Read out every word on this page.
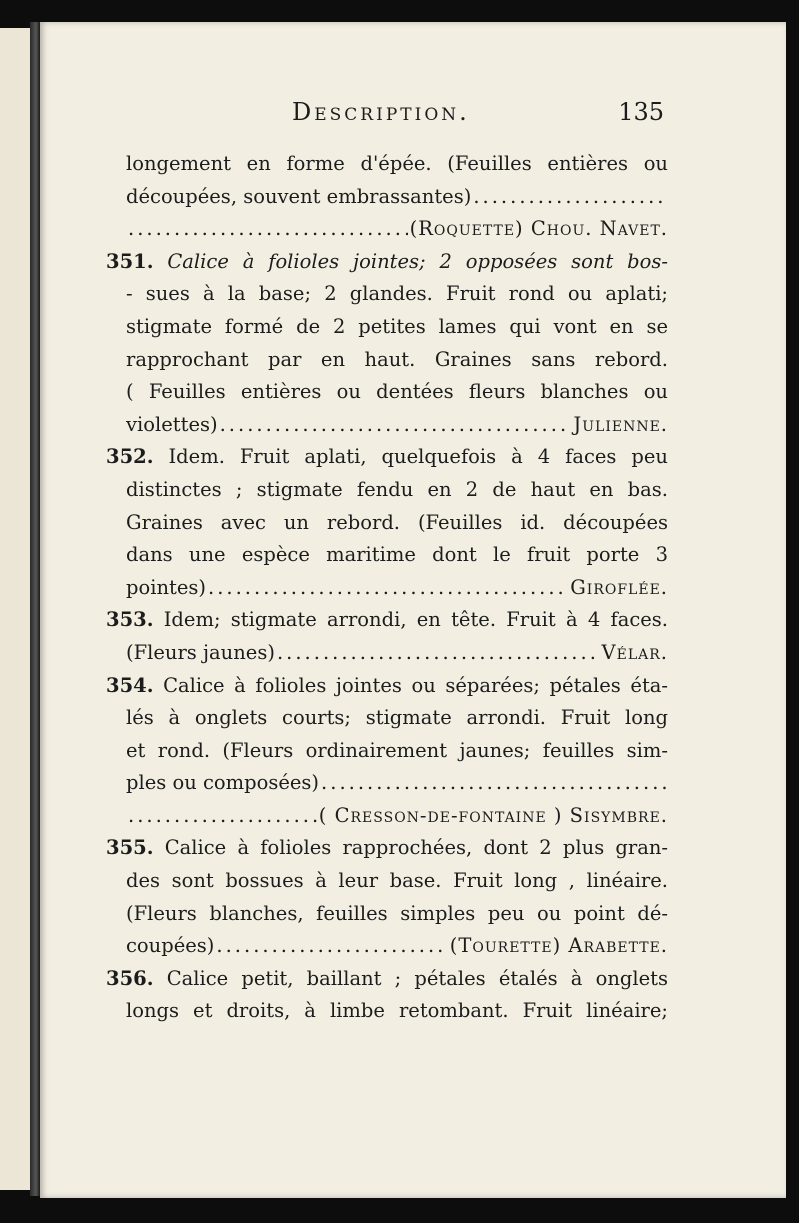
Description.	135
longement en forme d'épée. (Feuilles entières ou
découpées, souvent embrassantes)
.....
.....
(Roquette) Chou. Navet.
351. Calice à folioles jointes; 2 opposées sont bos-
- sues à la base; 2 glandes. Fruit rond ou aplati;
stigmate formé de 2 petites lames qui vont en se
rapprochant par en haut. Graines sans rebord.
( Feuilles entières ou dentées fleurs blanches ou
violettes) .....	Julienne.
352. Idem. Fruit aplati, quelquefois à 4 faces peu
distinctes ; stigmate fendu en 2 de haut en bas.
Graines avec un rebord. (Feuilles id. découpées
dans une espèce maritime dont le fruit porte 3
pointes) .....	Giroflée.
353. Idem; stigmate arrondi, en tête. Fruit à 4 faces.
(Fleurs jaunes) .....	Vélar.
354. Calice à folioles jointes ou séparées; pétales éta-
lés à onglets courts; stigmate arrondi. Fruit long
et rond. (Fleurs ordinairement jaunes; feuilles sim-
ples ou composées)
.....
.....
( Cresson-de-fontaine ) Sisymbre.
355. Calice à folioles rapprochées, dont 2 plus gran-
des sont bossues à leur base. Fruit long , linéaire.
(Fleurs blanches, feuilles simples peu ou point dé-
coupées) .....	(Tourette) Arabette.
356. Calice petit, baillant ; pétales étalés à onglets
longs et droits, à limbe retombant. Fruit linéaire;
